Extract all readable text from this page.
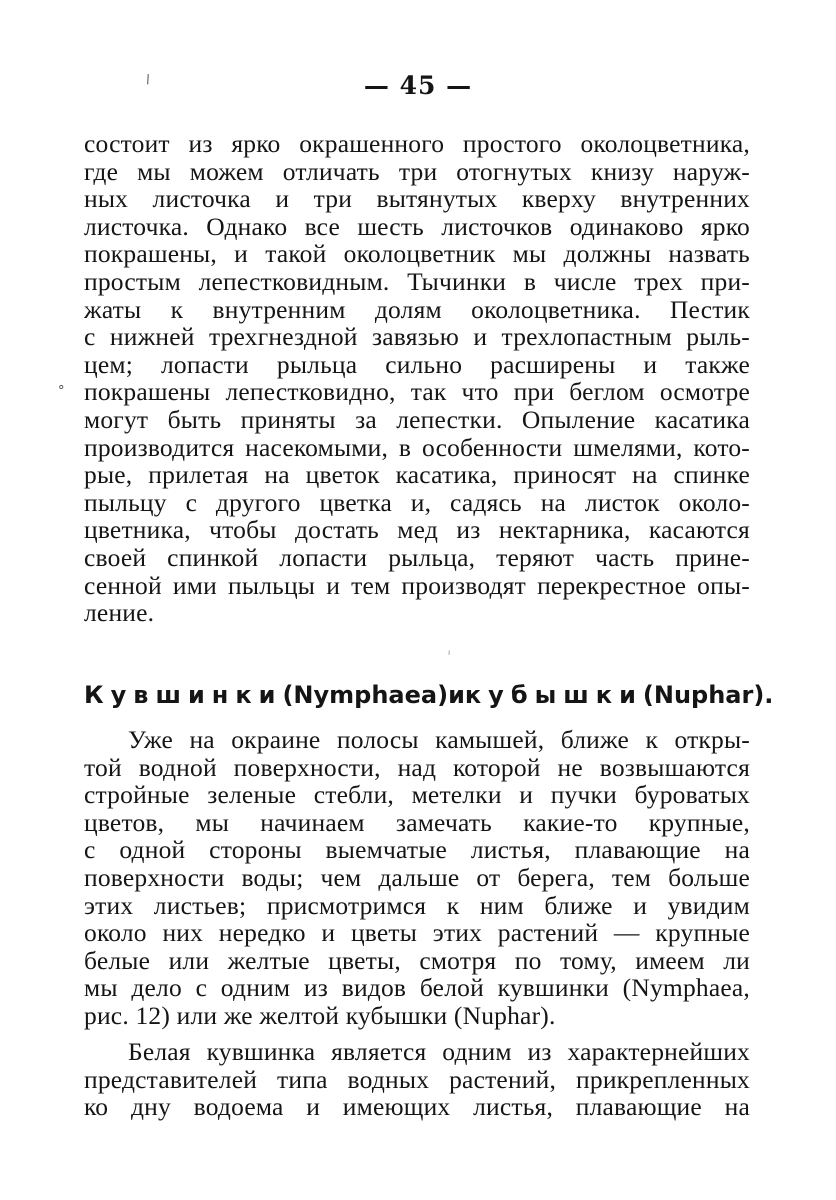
\
°
ı
— 45 —
состоит из ярко окрашенного простого околоцветника,
где мы можем отличать три отогнутых книзу наруж-
ных листочка и три вытянутых кверху внутренних
листочка. Однако все шесть листочков одинаково ярко
покрашены, и такой околоцветник мы должны назвать
простым лепестковидным. Тычинки в числе трех при-
жаты к внутренним долям околоцветника. Пестик
с нижней трехгнездной завязью и трехлопастным рыль-
цем; лопасти рыльца сильно расширены и также
покрашены лепестковидно, так что при беглом осмотре
могут быть приняты за лепестки. Опыление касатика
производится насекомыми, в особенности шмелями, кото-
рые, прилетая на цветок касатика, приносят на спинке
пыльцу с другого цветка и, садясь на листок околo-
цветника, чтобы достать мед из нектарника, касаются
своей спинкой лопасти рыльца, теряют часть прине-
сенной ими пыльцы и тем производят перекрестное опы-
ление.
Кувшинки (Nymphaea) и кубышки (Nuphar).
Уже на окраине полосы камышей, ближе к откры-
той водной поверхности, над которой не возвышаются
стройные зеленые стебли, метелки и пучки буроватых
цветов, мы начинаем замечать какие-то крупные,
с одной стороны выемчатые листья, плавающие на
поверхности воды; чем дальше от берега, тем больше
этих листьев; присмотримся к ним ближе и увидим
около них нередко и цветы этих растений — крупные
белые или желтые цветы, смотря по тому, имеем ли
мы дело с одним из видов белой кувшинки (Nymphaea,
рис. 12) или же желтой кубышки (Nuphar).
Белая кувшинка является одним из характернейших
представителей типа водных растений, прикрепленных
ко дну водоема и имеющих листья, плавающие на
